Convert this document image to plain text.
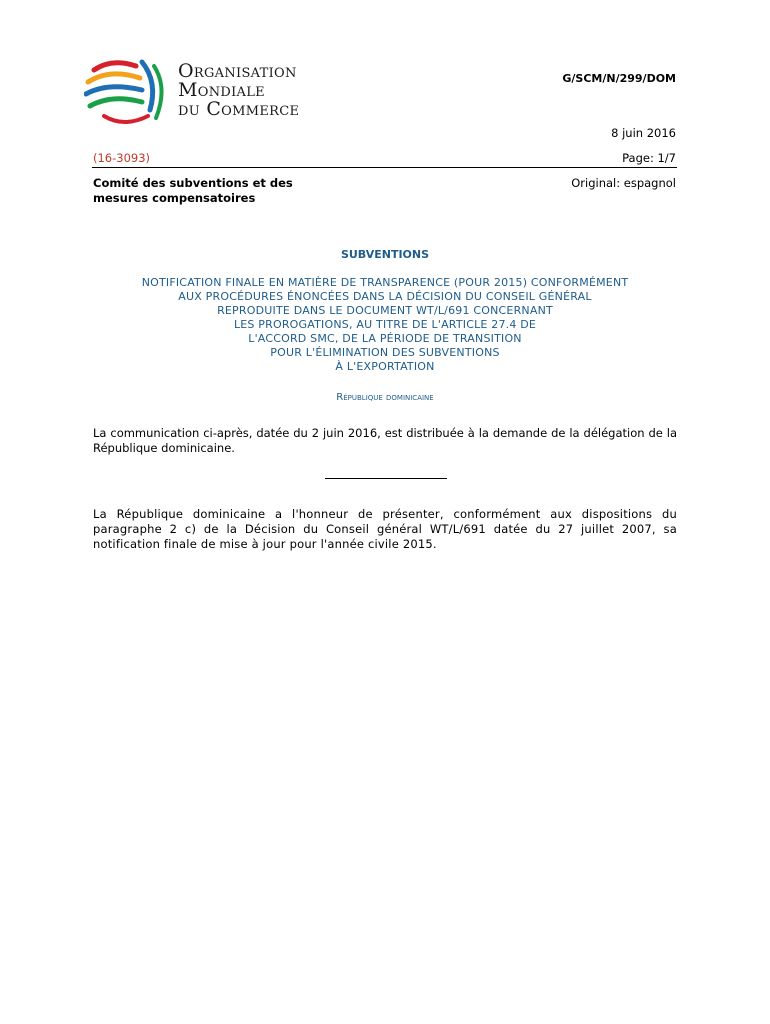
Organisation
Mondiale
du Commerce
G/SCM/N/299/DOM
8 juin 2016
(16-3093)	Page: 1/7
Comité des subventions et des mesures compensatoires
Original: espagnol
SUBVENTIONS
NOTIFICATION FINALE EN MATIÈRE DE TRANSPARENCE (POUR 2015) CONFORMÉMENT
AUX PROCÉDURES ÉNONCÉES DANS LA DÉCISION DU CONSEIL GÉNÉRAL
REPRODUITE DANS LE DOCUMENT WT/L/691 CONCERNANT
LES PROROGATIONS, AU TITRE DE L'ARTICLE 27.4 DE
L'ACCORD SMC, DE LA PÉRIODE DE TRANSITION
POUR L'ÉLIMINATION DES SUBVENTIONS
À L'EXPORTATION
République dominicaine
La communication ci-après, datée du 2 juin 2016, est distribuée à la demande de la délégation de la République dominicaine.
La République dominicaine a l'honneur de présenter, conformément aux dispositions du paragraphe 2 c) de la Décision du Conseil général WT/L/691 datée du 27 juillet 2007, sa notification finale de mise à jour pour l'année civile 2015.
